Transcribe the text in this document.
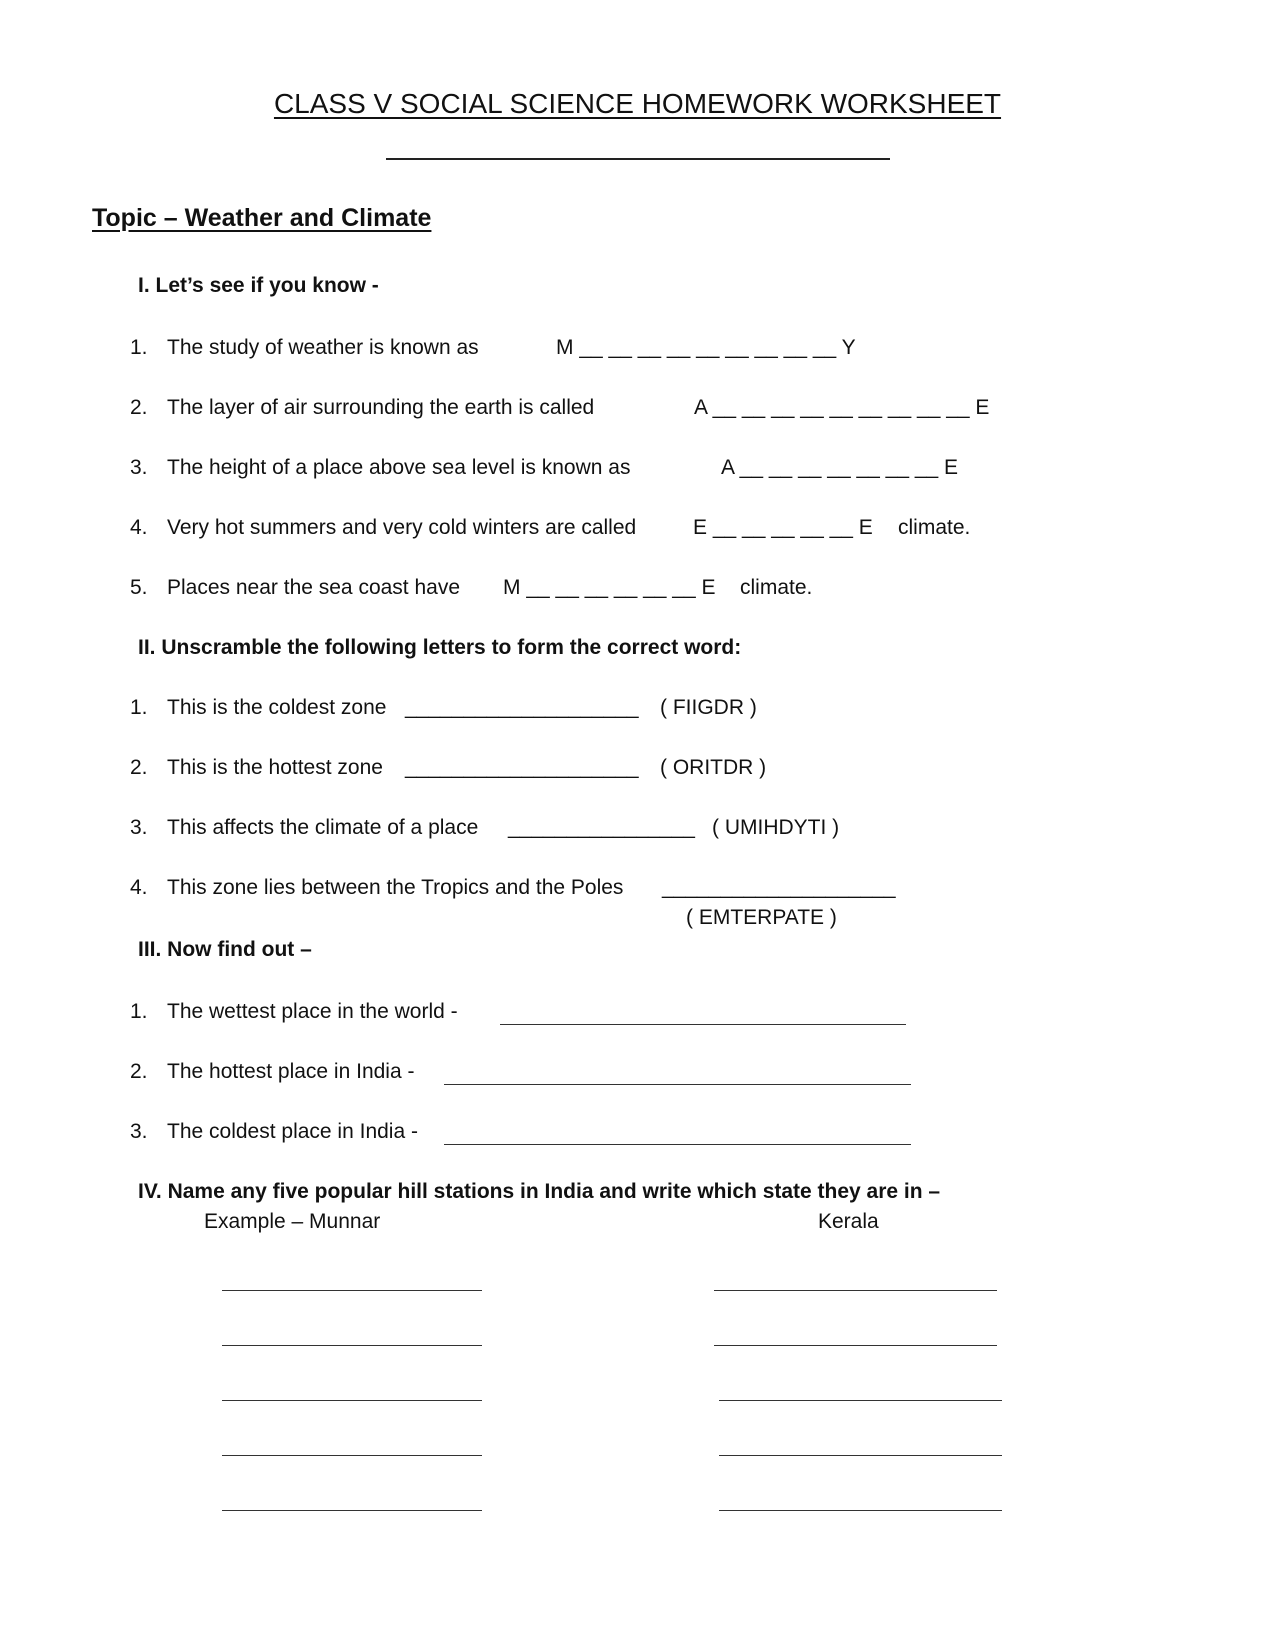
CLASS V SOCIAL SCIENCE HOMEWORK WORKSHEET
Topic – Weather and Climate
I. Let’s see if you know -
1. The study of weather is known as	M __ __ __ __ __ __ __ __ __ Y
2. The layer of air surrounding the earth is called	A __ __ __ __ __ __ __ __ __ E
3. The height of a place above sea level is known as	A __ __ __ __ __ __ __ E
4. Very hot summers and very cold winters are called	E __ __ __ __ __ E climate.
5. Places near the sea coast have M __ __ __ __ __ __ E climate.
II. Unscramble the following letters to form the correct word:
1. This is the coldest zone ____________________ ( FIIGDR )
2. This is the hottest zone ____________________ ( ORITDR )
3. This affects the climate of a place ________________ ( UMIHDYTI )
4. This zone lies between the Tropics and the Poles ____________________
( EMTERPATE )
III. Now find out –
1. The wettest place in the world -
2. The hottest place in India -
3. The coldest place in India -
IV. Name any five popular hill stations in India and write which state they are in –
Example – Munnar	Kerala
